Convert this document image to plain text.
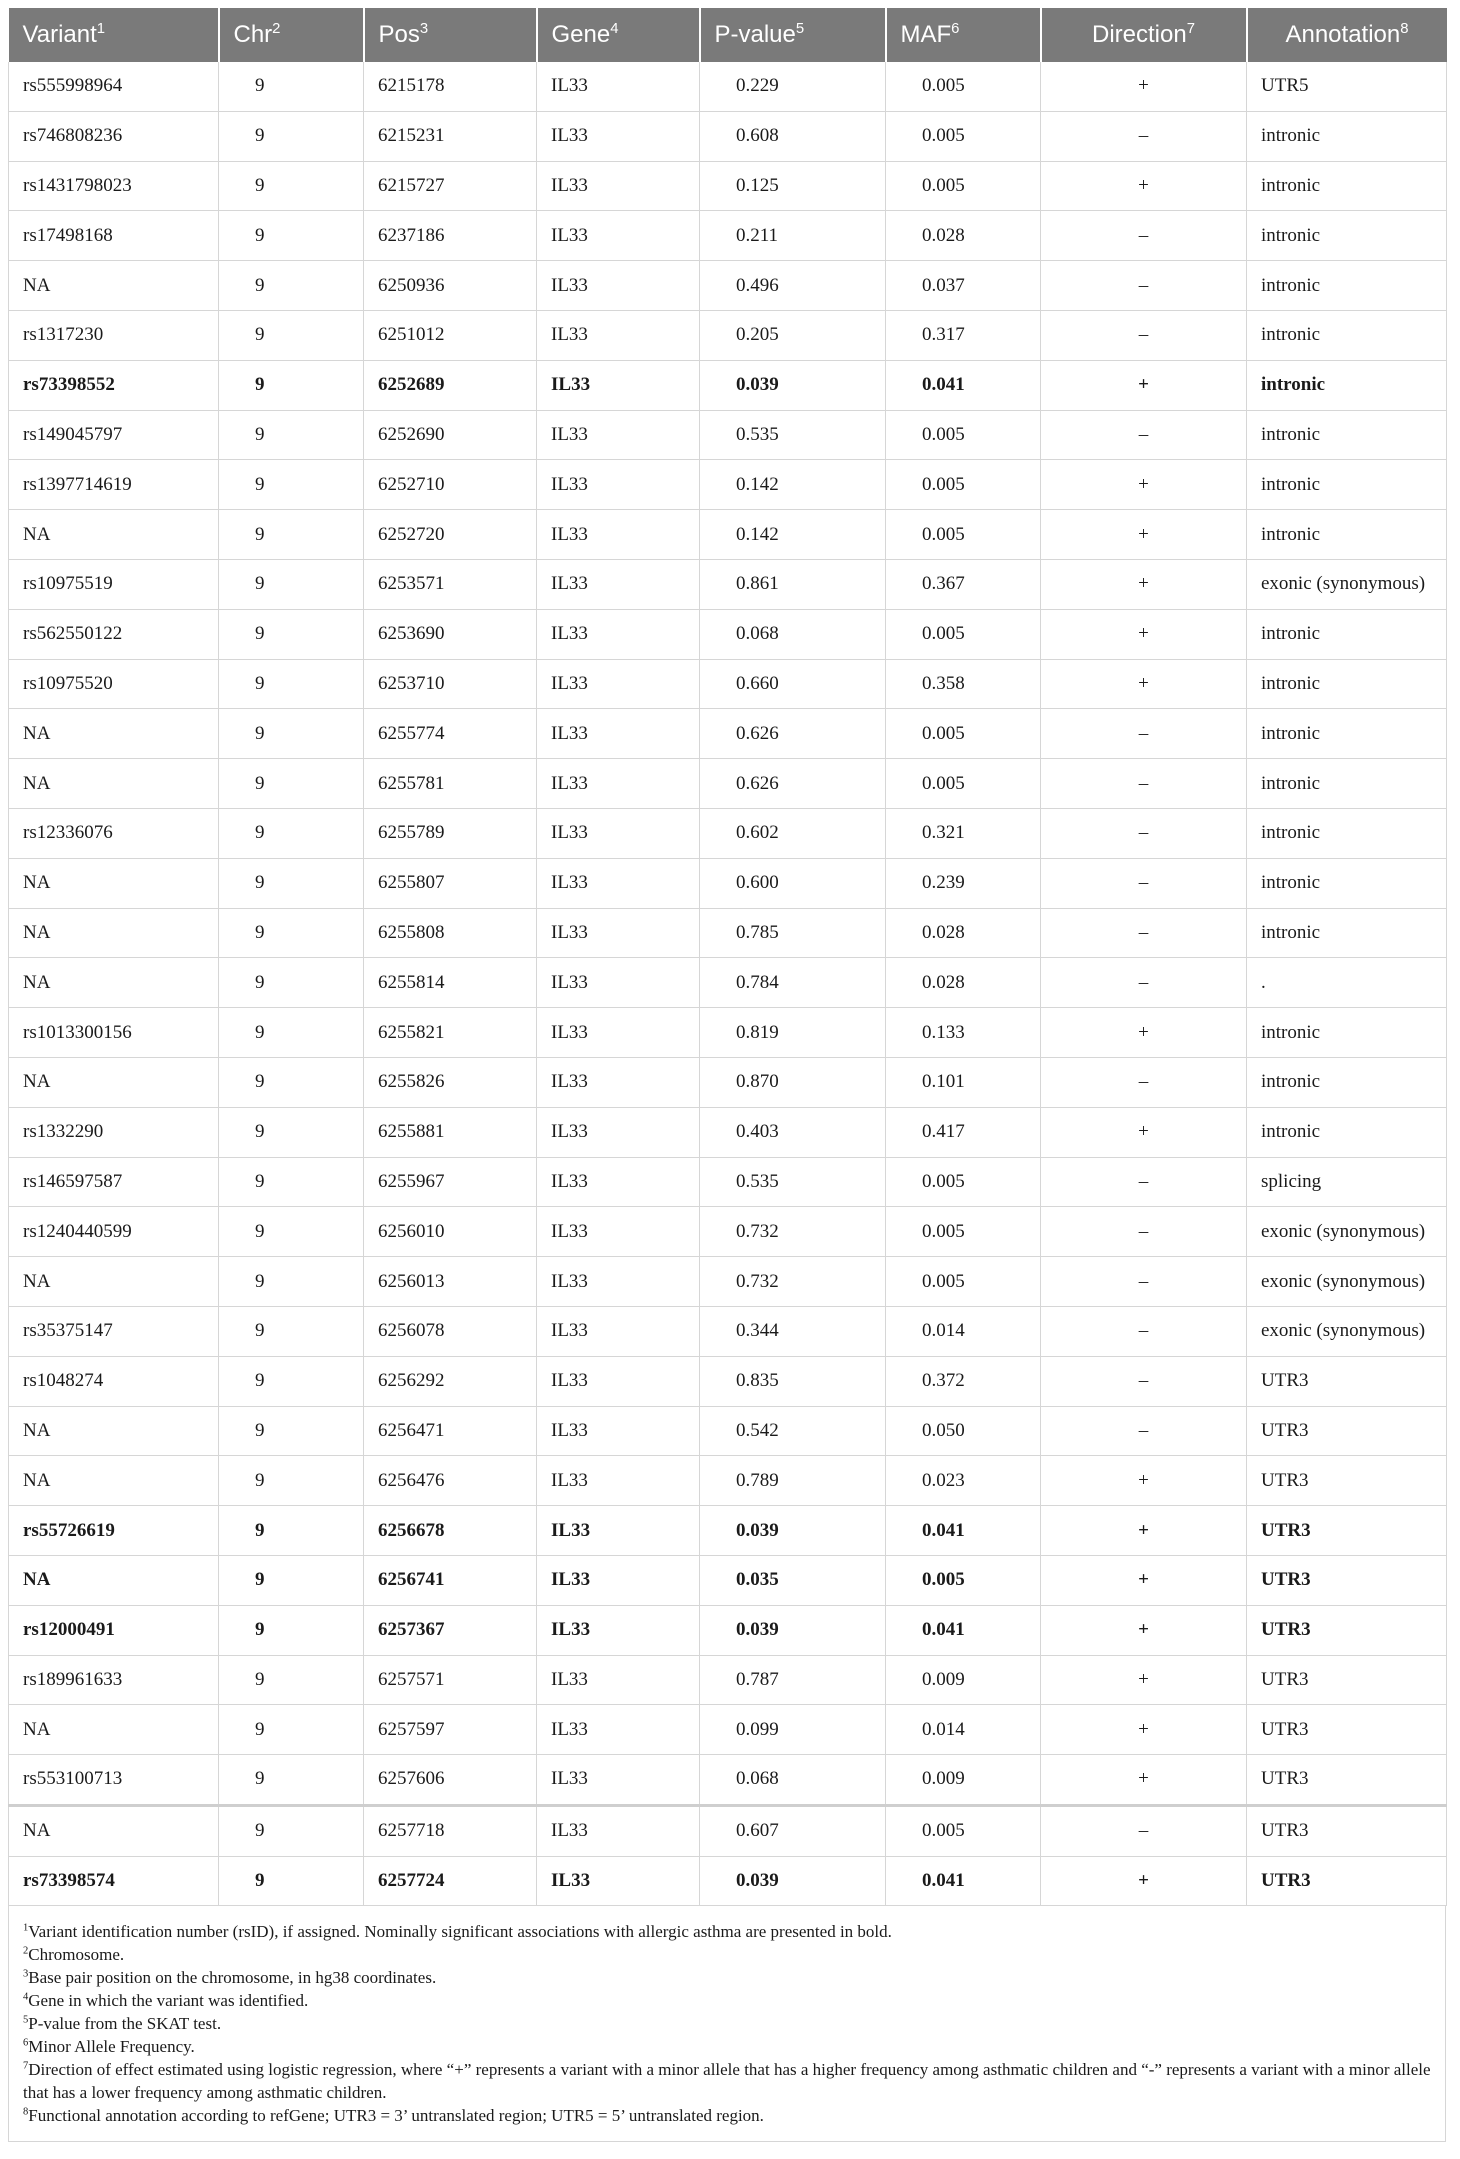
Variant$^1$	Chr$^2$	Pos$^3$	Gene$^4$	P-value$^5$	MAF$^6$	Direction$^7$	Annotation$^8$
rs555998964	9	6215178	IL33	0.229	0.005	+	UTR5
rs746808236	9	6215231	IL33	0.608	0.005	–	intronic
rs1431798023	9	6215727	IL33	0.125	0.005	+	intronic
rs17498168	9	6237186	IL33	0.211	0.028	–	intronic
NA	9	6250936	IL33	0.496	0.037	–	intronic
rs1317230	9	6251012	IL33	0.205	0.317	–	intronic
rs73398552	9	6252689	IL33	0.039	0.041	+	intronic
rs149045797	9	6252690	IL33	0.535	0.005	–	intronic
rs1397714619	9	6252710	IL33	0.142	0.005	+	intronic
NA	9	6252720	IL33	0.142	0.005	+	intronic
rs10975519	9	6253571	IL33	0.861	0.367	+	exonic (synonymous)
rs562550122	9	6253690	IL33	0.068	0.005	+	intronic
rs10975520	9	6253710	IL33	0.660	0.358	+	intronic
NA	9	6255774	IL33	0.626	0.005	–	intronic
NA	9	6255781	IL33	0.626	0.005	–	intronic
rs12336076	9	6255789	IL33	0.602	0.321	–	intronic
NA	9	6255807	IL33	0.600	0.239	–	intronic
NA	9	6255808	IL33	0.785	0.028	–	intronic
NA	9	6255814	IL33	0.784	0.028	–	.
rs1013300156	9	6255821	IL33	0.819	0.133	+	intronic
NA	9	6255826	IL33	0.870	0.101	–	intronic
rs1332290	9	6255881	IL33	0.403	0.417	+	intronic
rs146597587	9	6255967	IL33	0.535	0.005	–	splicing
rs1240440599	9	6256010	IL33	0.732	0.005	–	exonic (synonymous)
NA	9	6256013	IL33	0.732	0.005	–	exonic (synonymous)
rs35375147	9	6256078	IL33	0.344	0.014	–	exonic (synonymous)
rs1048274	9	6256292	IL33	0.835	0.372	–	UTR3
NA	9	6256471	IL33	0.542	0.050	–	UTR3
NA	9	6256476	IL33	0.789	0.023	+	UTR3
rs55726619	9	6256678	IL33	0.039	0.041	+	UTR3
NA	9	6256741	IL33	0.035	0.005	+	UTR3
rs12000491	9	6257367	IL33	0.039	0.041	+	UTR3
rs189961633	9	6257571	IL33	0.787	0.009	+	UTR3
NA	9	6257597	IL33	0.099	0.014	+	UTR3
rs553100713	9	6257606	IL33	0.068	0.009	+	UTR3
NA	9	6257718	IL33	0.607	0.005	–	UTR3
rs73398574	9	6257724	IL33	0.039	0.041	+	UTR3
$^1$Variant identification number (rsID), if assigned. Nominally significant associations with allergic asthma are presented in bold.
$^2$Chromosome.
$^3$Base pair position on the chromosome, in hg38 coordinates.
$^4$Gene in which the variant was identified.
$^5$P-value from the SKAT test.
$^6$Minor Allele Frequency.
$^7$Direction of effect estimated using logistic regression, where “+” represents a variant with a minor allele that has a higher frequency among asthmatic children and “-” represents a variant with a minor allele that has a lower frequency among asthmatic children.
$^8$Functional annotation according to refGene; UTR3 = 3’ untranslated region; UTR5 = 5’ untranslated region.
